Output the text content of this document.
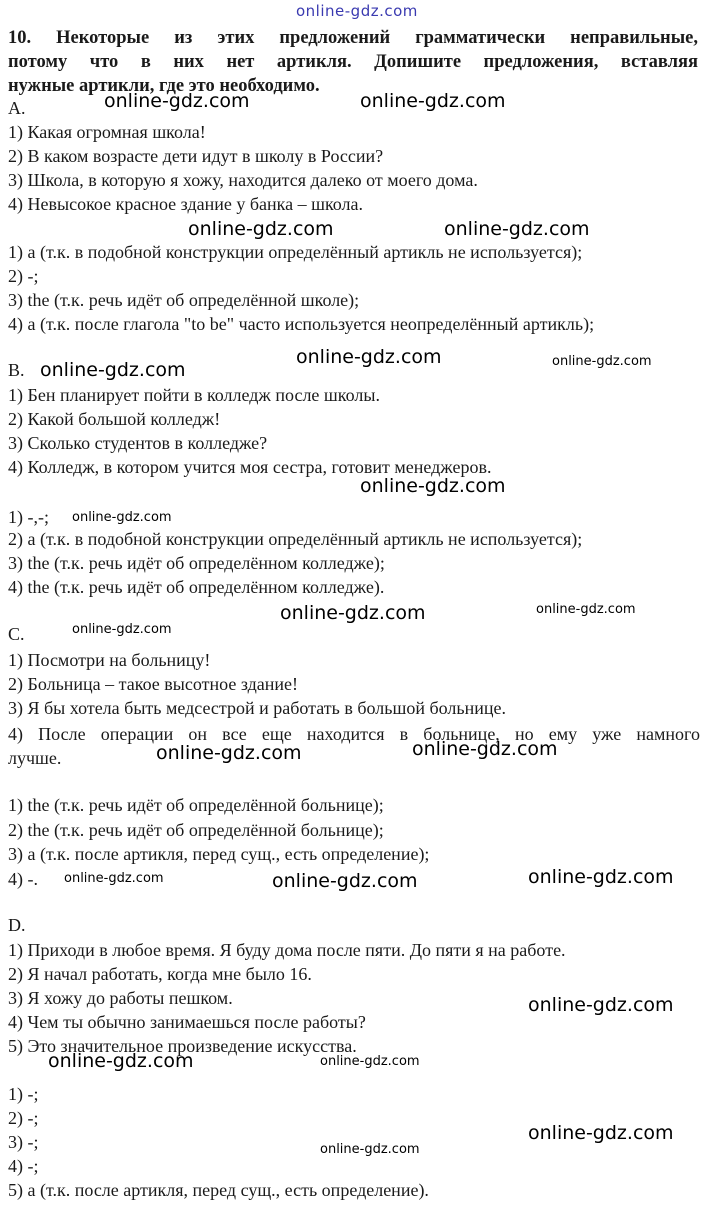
10. Некоторые из этих предложений грамматически неправильные,
потому что в них нет артикля. Допишите предложения, вставляя
нужные артикли, где это необходимо.
A.
1) Какая огромная школа!
2) В каком возрасте дети идут в школу в России?
3) Школа, в которую я хожу, находится далеко от моего дома.
4) Невысокое красное здание у банка – школа.
1) a (т.к. в подобной конструкции определённый артикль не используется);
2) -;
3) the (т.к. речь идёт об определённой школе);
4) a (т.к. после глагола "to be" часто используется неопределённый артикль);
B.
1) Бен планирует пойти в колледж после школы.
2) Какой большой колледж!
3) Сколько студентов в колледже?
4) Колледж, в котором учится моя сестра, готовит менеджеров.
1) -,-;
2) a (т.к. в подобной конструкции определённый артикль не используется);
3) the (т.к. речь идёт об определённом колледже);
4) the (т.к. речь идёт об определённом колледже).
C.
1) Посмотри на больницу!
2) Больница – такое высотное здание!
3) Я бы хотела быть медсестрой и работать в большой больнице.
4) После операции он все еще находится в больнице, но ему уже намного
лучше.
1) the (т.к. речь идёт об определённой больнице);
2) the (т.к. речь идёт об определённой больнице);
3) a (т.к. после артикля, перед сущ., есть определение);
4) -.
D.
1) Приходи в любое время. Я буду дома после пяти. До пяти я на работе.
2) Я начал работать, когда мне было 16.
3) Я хожу до работы пешком.
4) Чем ты обычно занимаешься после работы?
5) Это значительное произведение искусства.
1) -;
2) -;
3) -;
4) -;
5) a (т.к. после артикля, перед сущ., есть определение).
online-gdz.com
online-gdz.com	online-gdz.com
online-gdz.com	online-gdz.com
online-gdz.com
online-gdz.com	online-gdz.com
online-gdz.com
online-gdz.com
online-gdz.com	online-gdz.com
online-gdz.com
online-gdz.com	online-gdz.com
online-gdz.com	online-gdz.com	online-gdz.com
online-gdz.com
online-gdz.com	online-gdz.com
online-gdz.com
online-gdz.com
